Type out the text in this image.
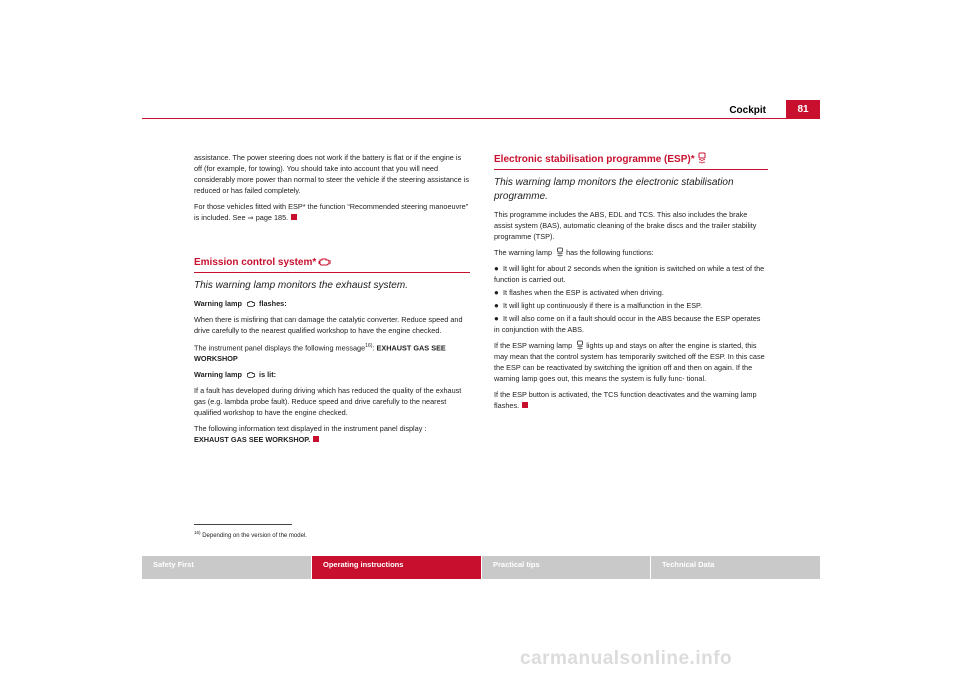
Cockpit	81

assistance. The power steering does not work if the battery is flat or if the engine is off (for example, for towing). You should take into account that you will need considerably more power than normal to steer the vehicle if the steering assistance is reduced or has failed completely.

For those vehicles fitted with ESP* the function “Recommended steering manoeuvre” is included. See ⇒ page 185.

Emission control system*

This warning lamp monitors the exhaust system.

Warning lamp flashes:

When there is misfiring that can damage the catalytic converter. Reduce speed and drive carefully to the nearest qualified workshop to have the engine checked.

The instrument panel displays the following message$^{16)}$: EXHAUST GAS SEE WORKSHOP

Warning lamp is lit:

If a fault has developed during driving which has reduced the quality of the exhaust gas (e.g. lambda probe fault). Reduce speed and drive carefully to the nearest qualified workshop to have the engine checked.

The following information text displayed in the instrument panel display :
EXHAUST GAS SEE WORKSHOP.

Electronic stabilisation programme (ESP)*

This warning lamp monitors the electronic stabilisation programme.

This programme includes the ABS, EDL and TCS. This also includes the brake assist system (BAS), automatic cleaning of the brake discs and the trailer stability programme (TSP).

The warning lamp has the following functions:

● It will light for about 2 seconds when the ignition is switched on while a test of the function is carried out.
● It flashes when the ESP is activated when driving.
● It will light up continuously if there is a malfunction in the ESP.
● It will also come on if a fault should occur in the ABS because the ESP operates in conjunction with the ABS.

If the ESP warning lamp lights up and stays on after the engine is started, this may mean that the control system has temporarily switched off the ESP. In this case the ESP can be reactivated by switching the ignition off and then on again. If the warning lamp goes out, this means the system is fully func- tional.

If the ESP button is activated, the TCS function deactivates and the warning lamp flashes.

$^{16)}$ Depending on the version of the model.
Safety First	Operating instructions	Practical tips	Technical Data
carmanualsonline.info
